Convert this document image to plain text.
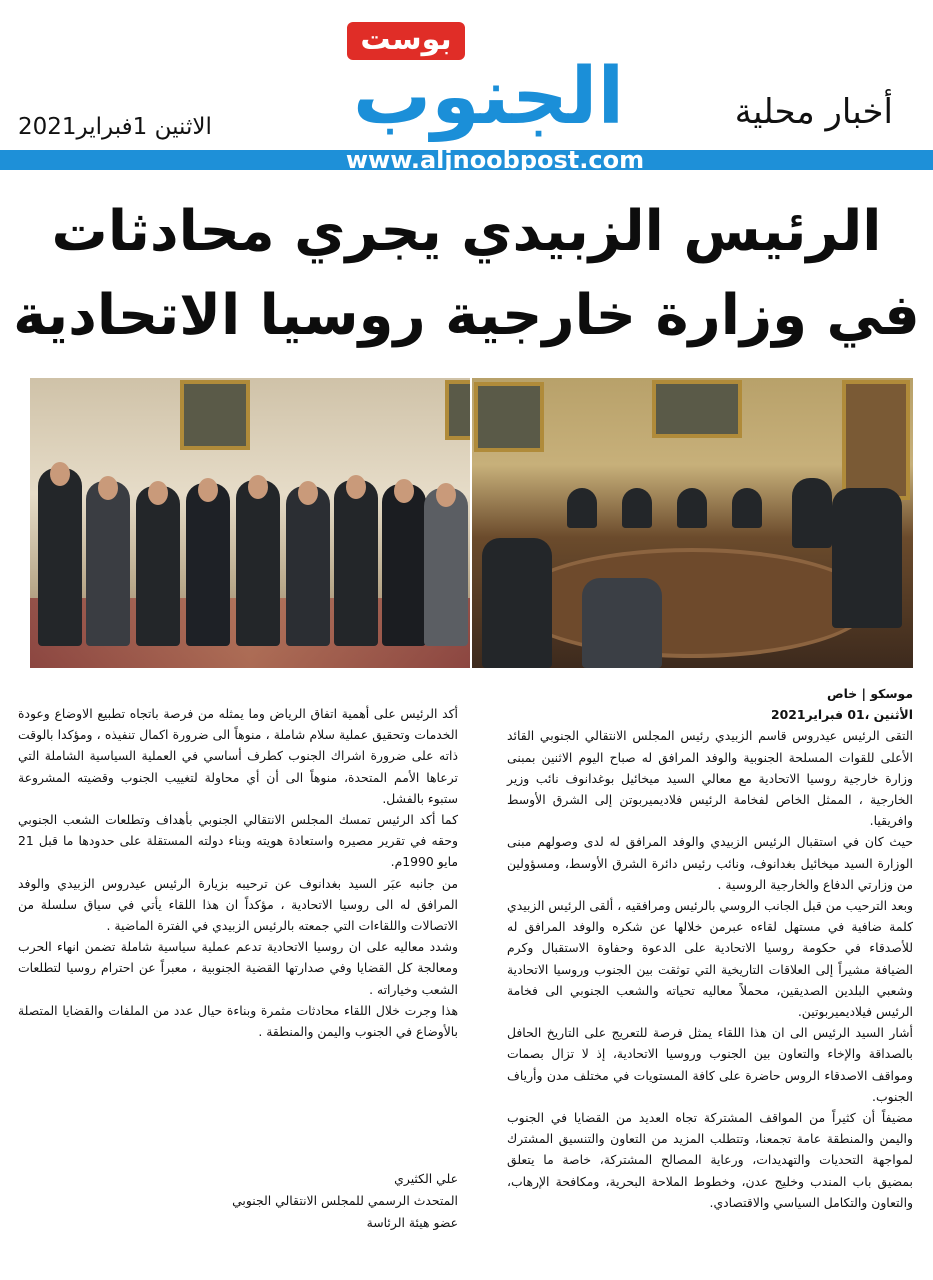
بوست
الجنوب	أخبار محلية
الاثنين 1فبراير2021
www.aljnoobpost.com
الرئيس الزبيدي يجري محادثات
في وزارة خارجية روسيا الاتحادية

موسكو | خاص

الأثنين ،01 فبراير2021

التقى الرئيس عيدروس قاسم الزبيدي رئيس المجلس الانتقالي الجنوبي القائد الأعلى للقوات المسلحة الجنوبية والوفد المرافق له صباح اليوم الاثنين بمبنى وزارة خارجية روسيا الاتحادية مع معالي السيد ميخائيل بوغدانوف نائب وزير الخارجية ، الممثل الخاص لفخامة الرئيس فلاديميربوتن إلى الشرق الأوسط وافريقيا.

حيث كان في استقبال الرئيس الزبيدي والوفد المرافق له لدى وصولهم مبنى الوزارة السيد ميخائيل بغدانوف، ونائب رئيس دائرة الشرق الأوسط، ومسؤولين من وزارتي الدفاع والخارجية الروسية .

وبعد الترحيب من قبل الجانب الروسي بالرئيس ومرافقيه ، ألقى الرئيس الزبيدي كلمة ضافية في مستهل لقاءه عبرمن خلالها عن شكره والوفد المرافق له للأصدقاء في حكومة روسيا الاتحادية على الدعوة وحفاوة الاستقبال وكرم الضيافة مشيراً إلى العلاقات التاريخية التي توثقت بين الجنوب وروسيا الاتحادية وشعبي البلدين الصديقين، محملاً معاليه تحياته والشعب الجنوبي الى فخامة الرئيس فيلاديميربوتين.

أشار السيد الرئيس الى ان هذا اللقاء يمثل فرصة للتعريج على التاريخ الحافل بالصداقة والإخاء والتعاون بين الجنوب وروسيا الاتحادية، إذ لا تزال بصمات ومواقف الاصدقاء الروس حاضرة على كافة المستويات في مختلف مدن وأرياف الجنوب.

مضيفاً أن كثيراً من المواقف المشتركة تجاه العديد من القضايا في الجنوب واليمن والمنطقة عامة تجمعنا، وتتطلب المزيد من التعاون والتنسيق المشترك لمواجهة التحديات والتهديدات، ورعاية المصالح المشتركة، خاصة ما يتعلق بمضيق باب المندب وخليج عدن، وخطوط الملاحة البحرية، ومكافحة الإرهاب، والتعاون والتكامل السياسي والاقتصادي.

أكد الرئيس على أهمية اتفاق الرياض وما يمثله من فرصة باتجاه تطبيع الاوضاع وعودة الخدمات وتحقيق عملية سلام شاملة ، منوهاً الى ضرورة اكمال تنفيذه ، ومؤكدا بالوقت ذاته على ضرورة اشراك الجنوب كطرف أساسي في العملية السياسية الشاملة التي ترعاها الأمم المتحدة، منوهاً الى أن أي محاولة لتغييب الجنوب وقضيته المشروعة ستبوء بالفشل.

كما أكد الرئيس تمسك المجلس الانتقالي الجنوبي بأهداف وتطلعات الشعب الجنوبي وحقه في تقرير مصيره واستعادة هويته وبناء دولته المستقلة على حدودها ما قبل 21 مايو 1990م.

من جانبه عبَر السيد بغدانوف عن ترحيبه بزيارة الرئيس عيدروس الزبيدي والوفد المرافق له الى روسيا الاتحادية ، مؤكداً ان هذا اللقاء يأتي في سياق سلسلة من الاتصالات واللقاءات التي جمعته بالرئيس الزبيدي في الفترة الماضية .

وشدد معاليه على ان روسيا الاتحادية تدعم عملية سياسية شاملة تضمن انهاء الحرب ومعالجة كل القضايا وفي صدارتها القضية الجنوبية ، معبراً عن احترام روسيا لتطلعات الشعب وخياراته .

هذا وجرت خلال اللقاء محادثات مثمرة وبناءة حيال عدد من الملفات والقضايا المتصلة بالأوضاع في الجنوب واليمن والمنطقة .

علي الكثيري
المتحدث الرسمي للمجلس الانتقالي الجنوبي
عضو هيئة الرئاسة
